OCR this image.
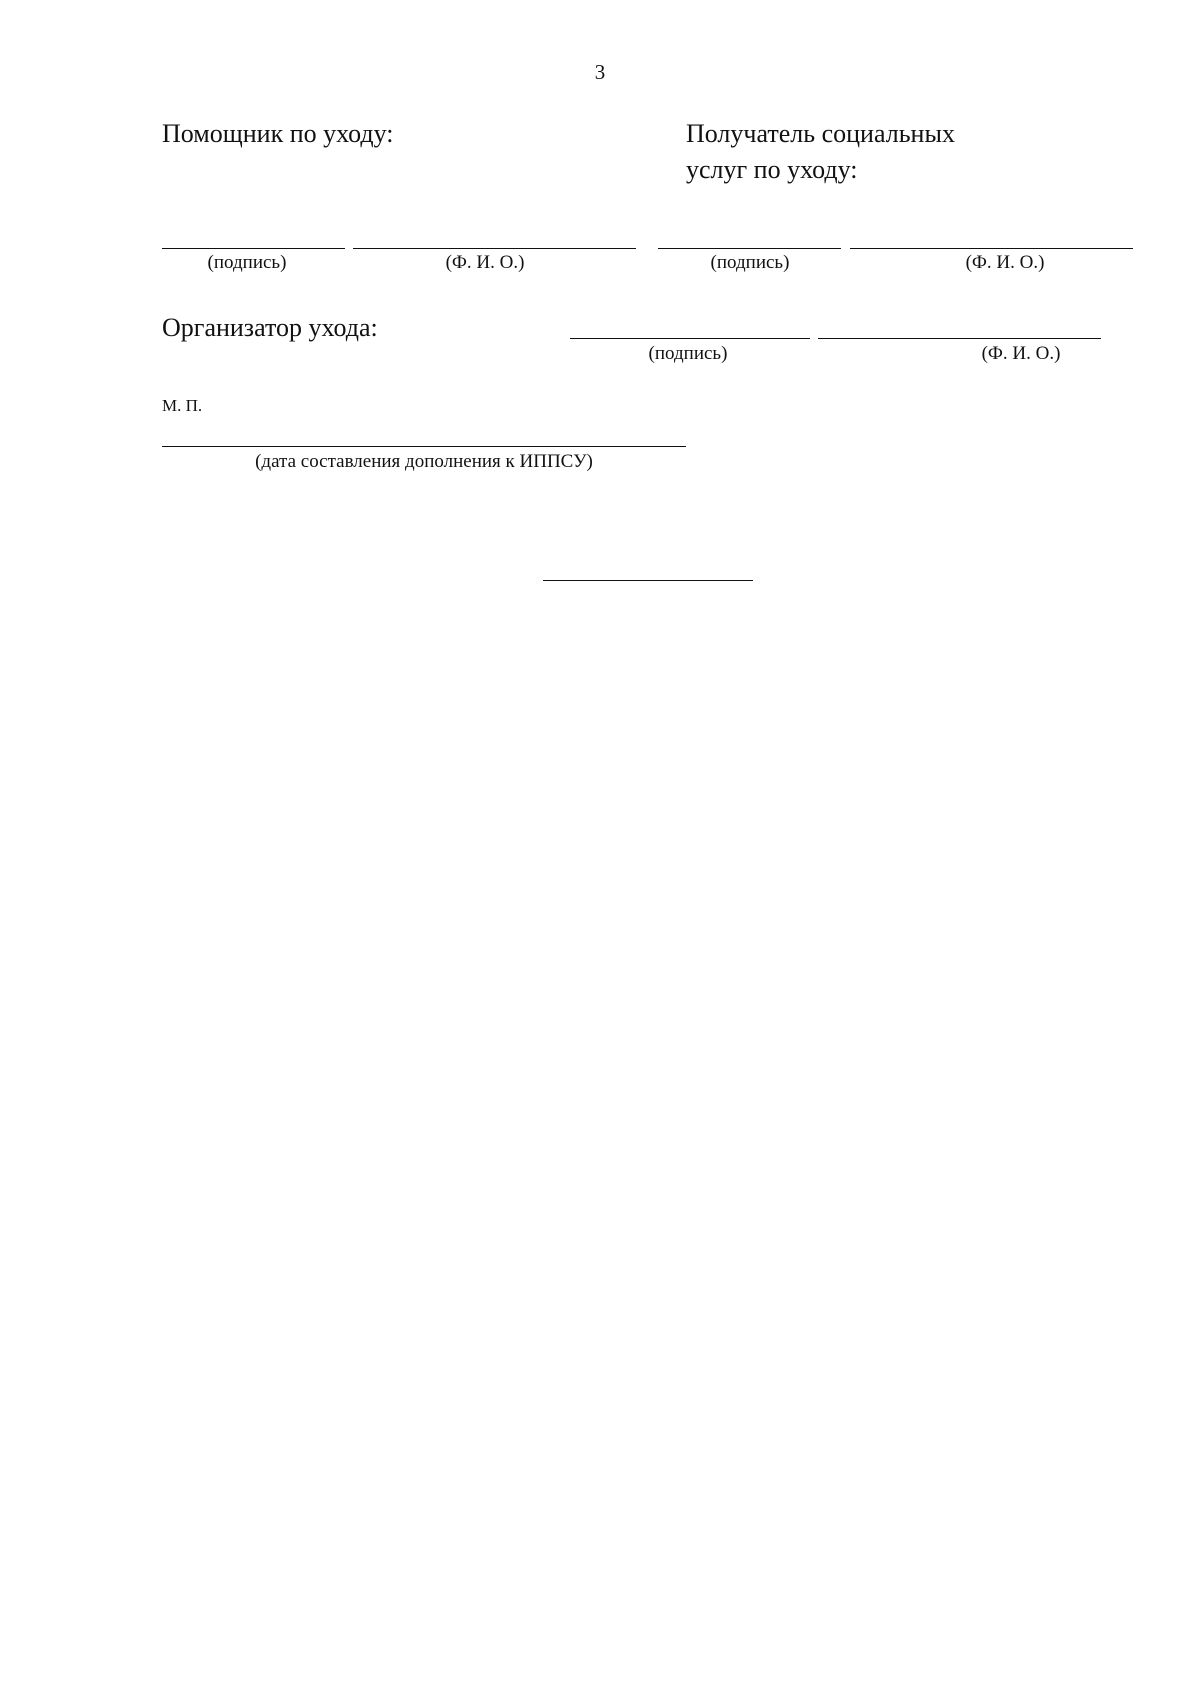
3
Помощник по уходу:	Получатель социальных
услуг по уходу:
(подпись)	(Ф. И. О.)	(подпись)	(Ф. И. О.)
Организатор ухода:
(подпись)	(Ф. И. О.)
М. П.
(дата составления дополнения к ИППСУ)
